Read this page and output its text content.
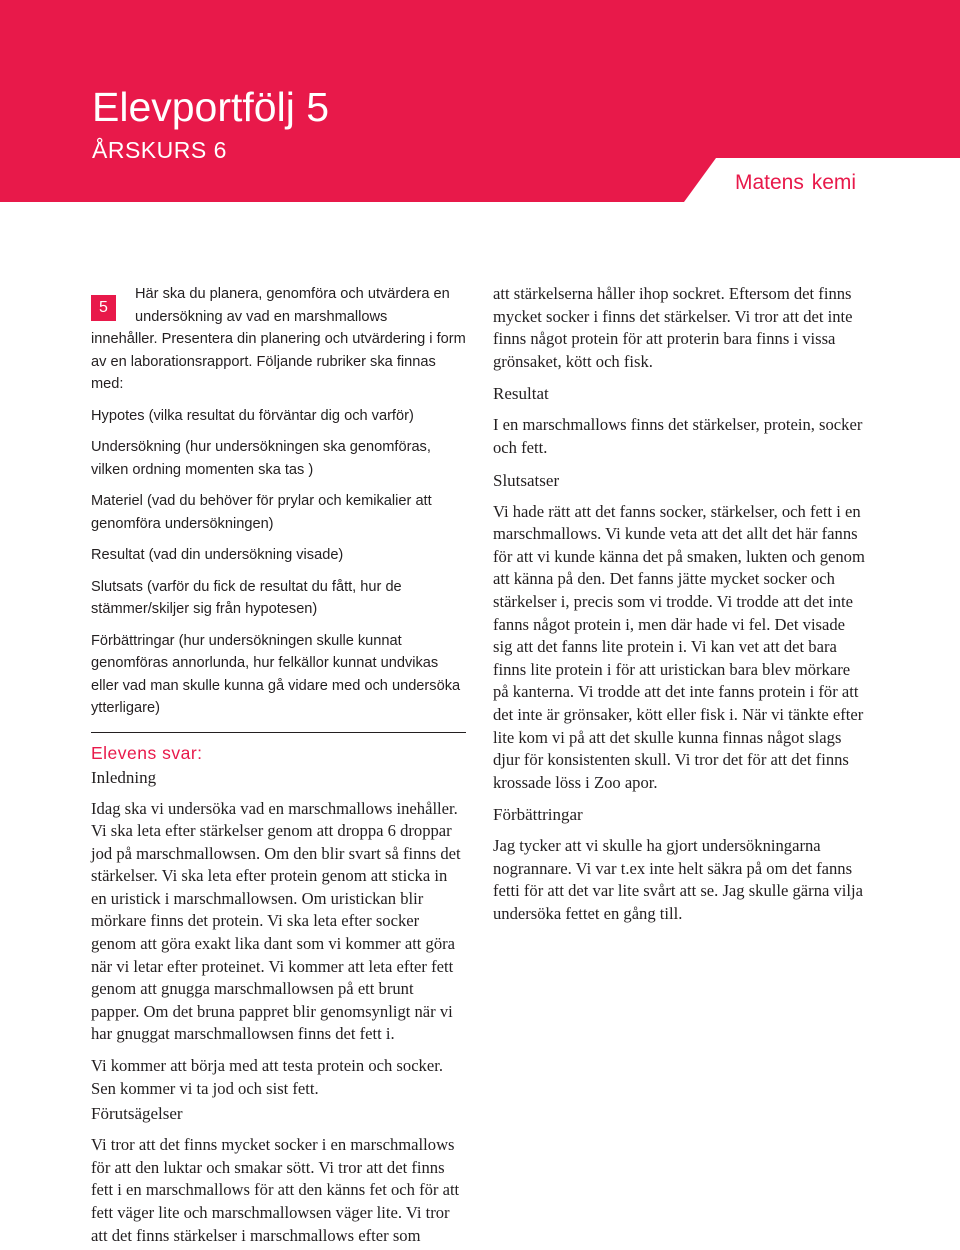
Elevportfölj 5
ÅRSKURS 6
Matens kemi
5

Här ska du planera, genomföra och utvärdera en undersökning av vad en marshmallows

innehåller. Presentera din planering och utvärdering i form av en laborationsrapport. Följande rubriker ska finnas med:

Hypotes (vilka resultat du förväntar dig och varför)

Undersökning (hur undersökningen ska genomföras, vilken ordning momenten ska tas )

Materiel (vad du behöver för prylar och kemikalier att genomföra undersökningen)

Resultat (vad din undersökning visade)

Slutsats (varför du fick de resultat du fått, hur de stämmer/skiljer sig från hypotesen)

Förbättringar (hur undersökningen skulle kunnat genomföras annorlunda, hur felkällor kunnat undvikas eller vad man skulle kunna gå vidare med och undersöka ytterligare)

Elevens svar:

Inledning

Idag ska vi undersöka vad en marschmallows inehåller. Vi ska leta efter stärkelser genom att droppa 6 droppar jod på marschmallowsen. Om den blir svart så finns det stärkelser. Vi ska leta efter protein genom att sticka in en uristick i marschmallowsen. Om uristickan blir mörkare finns det protein. Vi ska leta efter socker genom att göra exakt lika dant som vi kommer att göra när vi letar efter proteinet. Vi kommer att leta efter fett genom att gnugga marschmallowsen på ett brunt papper. Om det bruna pappret blir genomsynligt när vi har gnuggat marschmallowsen finns det fett i.

Vi kommer att börja med att testa protein och socker. Sen kommer vi ta jod och sist fett.

Förutsägelser

Vi tror att det finns mycket socker i en marschmallows för att den luktar och smakar sött. Vi tror att det finns fett i en marschmallows för att den känns fet och för att fett väger lite och marschmallowsen väger lite. Vi tror att det finns stärkelser i marschmallows efter som

att stärkelserna håller ihop sockret. Eftersom det finns mycket socker i finns det stärkelser. Vi tror att det inte finns något protein för att proterin bara finns i vissa grönsaket, kött och fisk.

Resultat

I en marschmallows finns det stärkelser, protein, socker och fett.

Slutsatser

Vi hade rätt att det fanns socker, stärkelser, och fett i en marschmallows. Vi kunde veta att det allt det här fanns för att vi kunde känna det på smaken, lukten och genom att känna på den. Det fanns jätte mycket socker och stärkelser i, precis som vi trodde. Vi trodde att det inte fanns något protein i, men där hade vi fel. Det visade sig att det fanns lite protein i. Vi kan vet att det bara finns lite protein i för att uristickan bara blev mörkare på kanterna. Vi trodde att det inte fanns protein i för att det inte är grönsaker, kött eller fisk i. När vi tänkte efter lite kom vi på att det skulle kunna finnas något slags djur för konsistenten skull. Vi tror det för att det finns krossade löss i Zoo apor.

Förbättringar

Jag tycker att vi skulle ha gjort undersökningarna nogrannare. Vi var t.ex inte helt säkra på om det fanns fetti för att det var lite svårt att se. Jag skulle gärna vilja undersöka fettet en gång till.
